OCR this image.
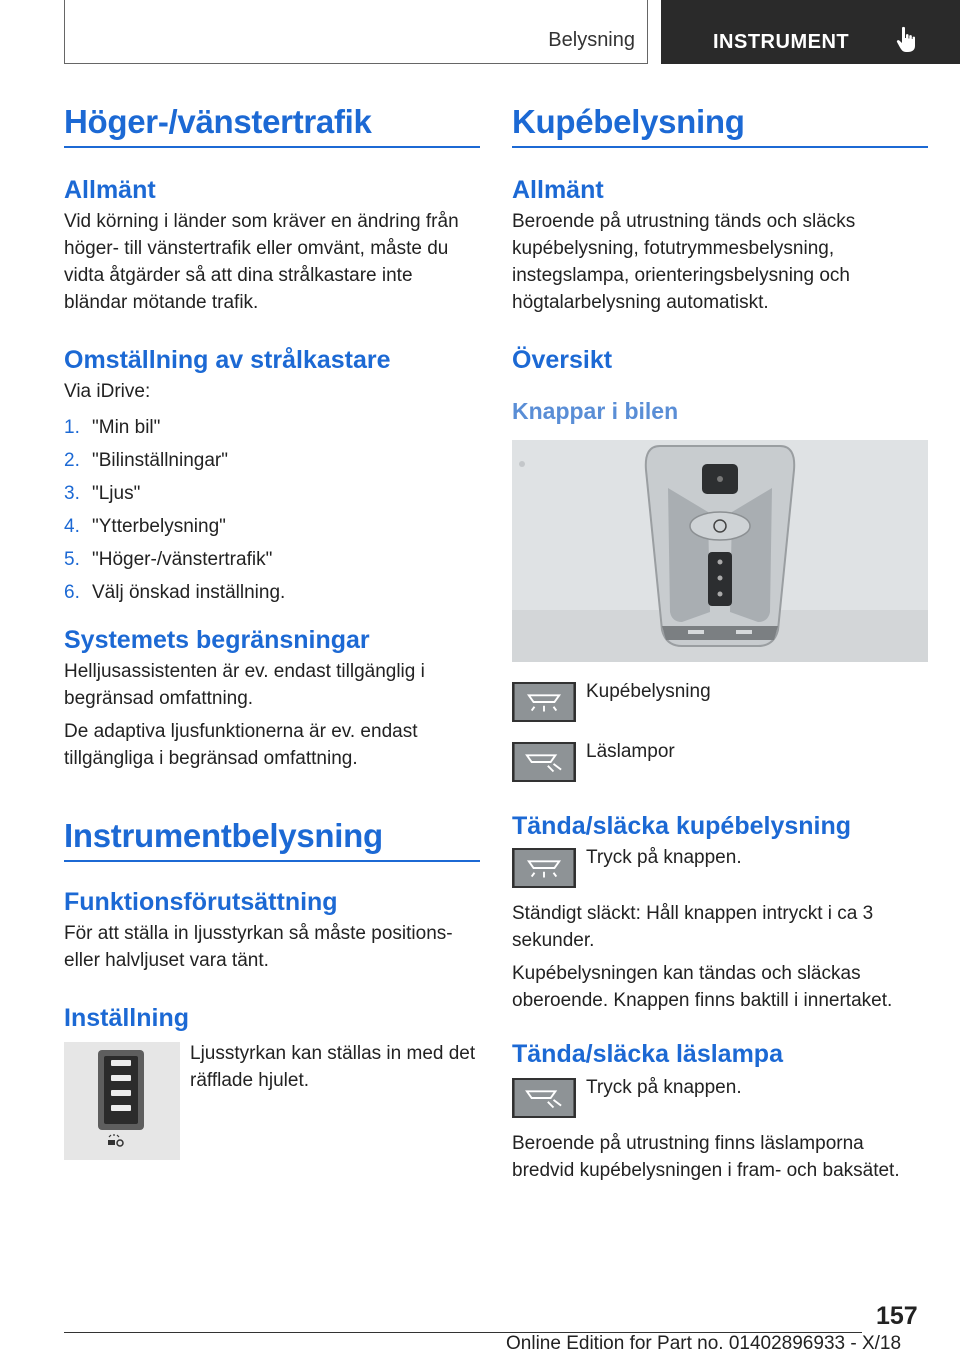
Belysning	INSTRUMENT
Höger-/vänstertrafik
Allmänt

Vid körning i länder som kräver en ändring från höger- till vänstertrafik eller omvänt, måste du vidta åtgärder så att dina strålkastare inte bländar mötande trafik.

Omställning av strålkastare

Via iDrive:

1. "Min bil"
2. "Bilinställningar"
3. "Ljus"
4. "Ytterbelysning"
5. "Höger-/vänstertrafik"
6. Välj önskad inställning.
Systemets begränsningar

Helljusassistenten är ev. endast tillgänglig i begränsad omfattning.

De adaptiva ljusfunktionerna är ev. endast tillgängliga i begränsad omfattning.

Instrumentbelysning
Funktionsförutsättning

För att ställa in ljusstyrkan så måste positions- eller halvljuset vara tänt.

Inställning

Ljusstyrkan kan ställas in med det räfflade hjulet.

Kupébelysning
Allmänt

Beroende på utrustning tänds och släcks kupébelysning, fotutrymmesbelysning, instegslampa, orienteringsbelysning och högtalarbelysning automatiskt.

Översikt
Knappar i bilen

Kupébelysning

Läslampor

Tända/släcka kupébelysning

Tryck på knappen.

Ständigt släckt: Håll knappen intryckt i ca 3 sekunder.

Kupébelysningen kan tändas och släckas oberoende. Knappen finns baktill i innertaket.

Tända/släcka läslampa

Tryck på knappen.

Beroende på utrustning finns läslamporna bredvid kupébelysningen i fram- och baksätet.

157
Online Edition for Part no. 01402896933 - X/18
